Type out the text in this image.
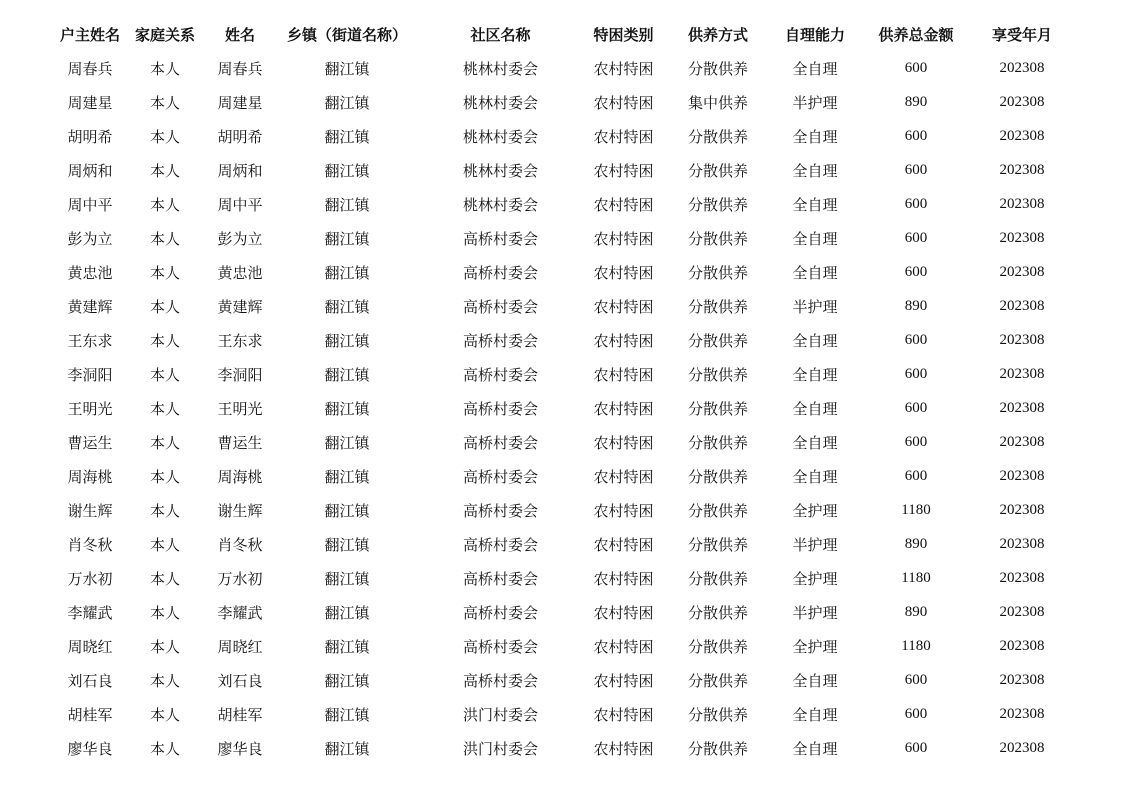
	户主姓名	家庭关系	姓名	乡镇（街道名称）	社区名称	特困类别	供养方式	自理能力	供养总金额	享受年月	
	周春兵	本人	周春兵	翻江镇	桃林村委会	农村特困	分散供养	全自理	600	202308	
	周建星	本人	周建星	翻江镇	桃林村委会	农村特困	集中供养	半护理	890	202308	
	胡明希	本人	胡明希	翻江镇	桃林村委会	农村特困	分散供养	全自理	600	202308	
	周炳和	本人	周炳和	翻江镇	桃林村委会	农村特困	分散供养	全自理	600	202308	
	周中平	本人	周中平	翻江镇	桃林村委会	农村特困	分散供养	全自理	600	202308	
	彭为立	本人	彭为立	翻江镇	高桥村委会	农村特困	分散供养	全自理	600	202308	
	黄忠池	本人	黄忠池	翻江镇	高桥村委会	农村特困	分散供养	全自理	600	202308	
	黄建辉	本人	黄建辉	翻江镇	高桥村委会	农村特困	分散供养	半护理	890	202308	
	王东求	本人	王东求	翻江镇	高桥村委会	农村特困	分散供养	全自理	600	202308	
	李洞阳	本人	李洞阳	翻江镇	高桥村委会	农村特困	分散供养	全自理	600	202308	
	王明光	本人	王明光	翻江镇	高桥村委会	农村特困	分散供养	全自理	600	202308	
	曹运生	本人	曹运生	翻江镇	高桥村委会	农村特困	分散供养	全自理	600	202308	
	周海桃	本人	周海桃	翻江镇	高桥村委会	农村特困	分散供养	全自理	600	202308	
	谢生辉	本人	谢生辉	翻江镇	高桥村委会	农村特困	分散供养	全护理	1180	202308	
	肖冬秋	本人	肖冬秋	翻江镇	高桥村委会	农村特困	分散供养	半护理	890	202308	
	万水初	本人	万水初	翻江镇	高桥村委会	农村特困	分散供养	全护理	1180	202308	
	李耀武	本人	李耀武	翻江镇	高桥村委会	农村特困	分散供养	半护理	890	202308	
	周晓红	本人	周晓红	翻江镇	高桥村委会	农村特困	分散供养	全护理	1180	202308	
	刘石良	本人	刘石良	翻江镇	高桥村委会	农村特困	分散供养	全自理	600	202308	
	胡桂军	本人	胡桂军	翻江镇	洪门村委会	农村特困	分散供养	全自理	600	202308	
	廖华良	本人	廖华良	翻江镇	洪门村委会	农村特困	分散供养	全自理	600	202308	
